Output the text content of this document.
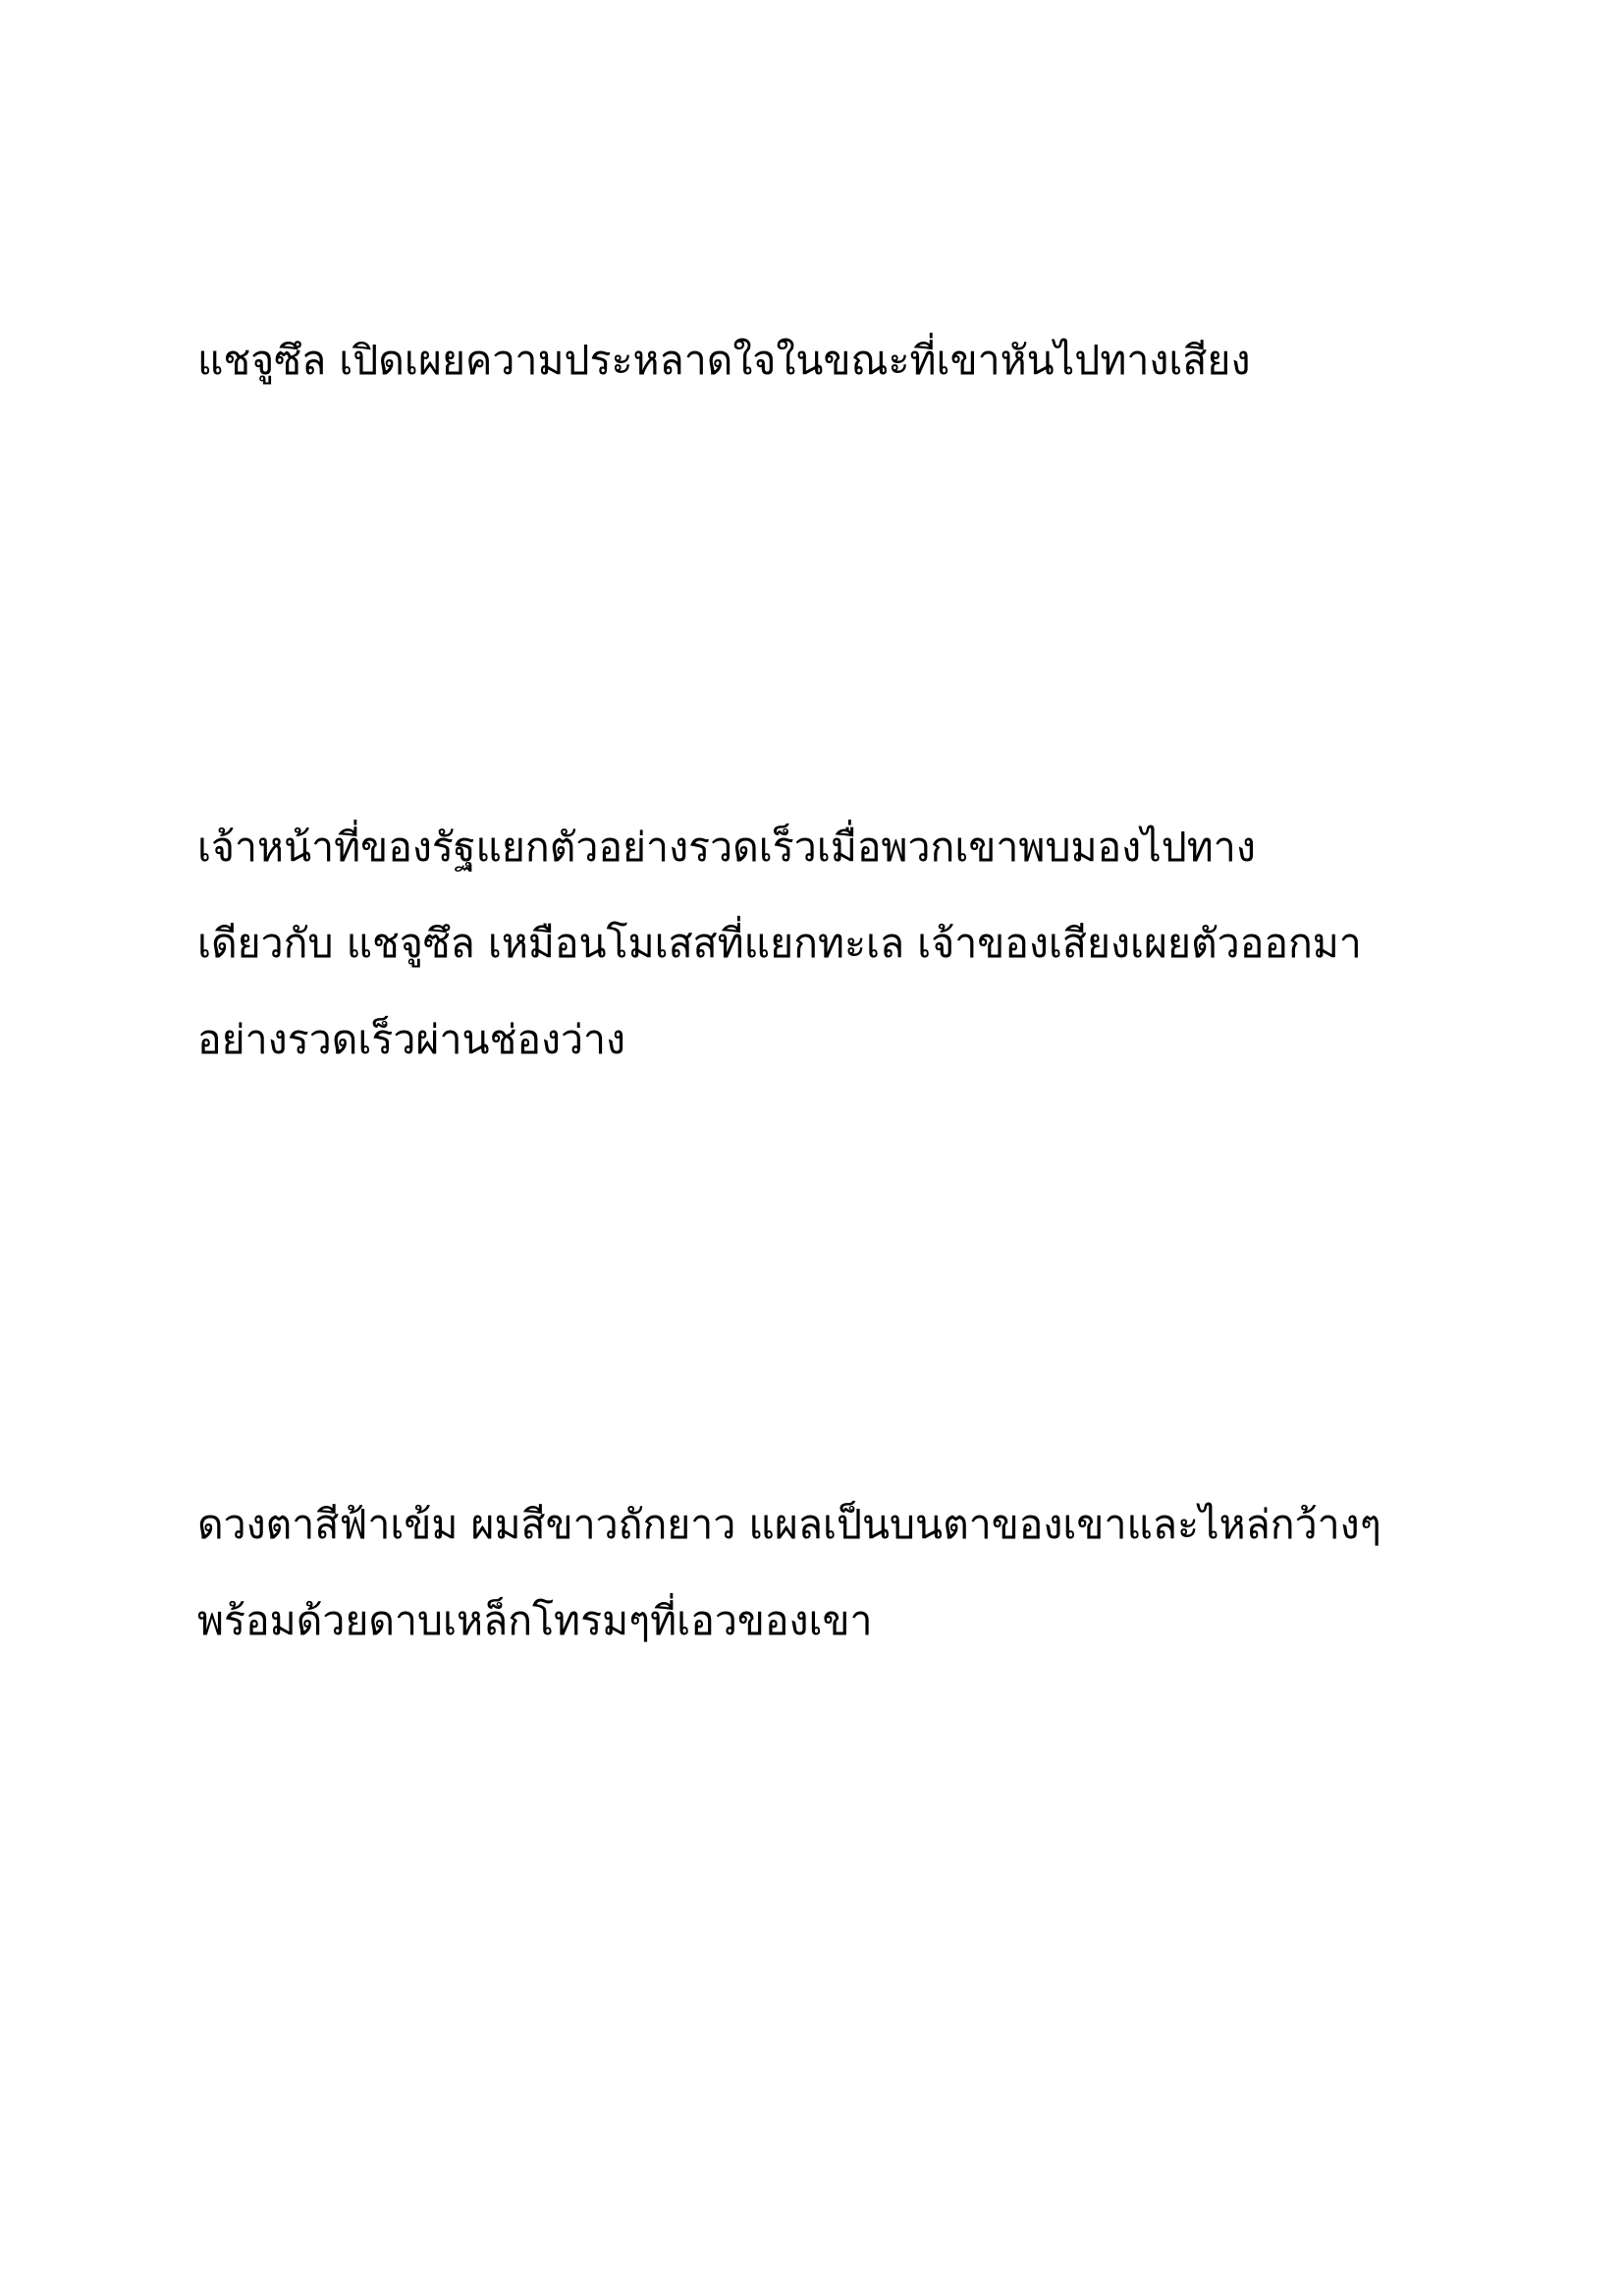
แชจูซึล เปิดเผยความประหลาดใจในขณะที่เขาหันไปทางเสียง
เจ้าหน้าที่ของรัฐแยกตัวอย่างรวดเร็วเมื่อพวกเขาพบมองไปทาง
เดียวกับ แชจูซึล เหมือนโมเสสที่แยกทะเล เจ้าของเสียงเผยตัวออกมา
อย่างรวดเร็วผ่านช่องว่าง
ดวงตาสีฟ้าเข้ม ผมสีขาวถักยาว แผลเป็นบนตาของเขาและไหล่กว้างๆ
พร้อมด้วยดาบเหล็กโทรมๆที่เอวของเขา
